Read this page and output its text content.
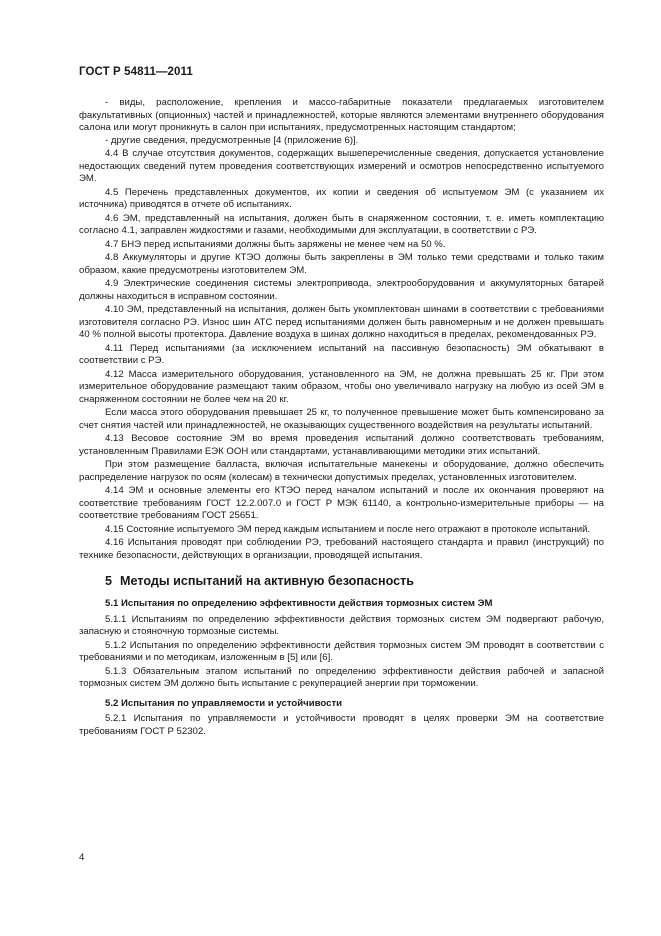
ГОСТ Р 54811—2011

- виды, расположение, крепления и массо-габаритные показатели предлагаемых изготовителем факультативных (опционных) частей и принадлежностей, которые являются элементами внутреннего оборудования салона или могут проникнуть в салон при испытаниях, предусмотренных настоящим стандартом;

- другие сведения, предусмотренные [4 (приложение 6)].

4.4 В случае отсутствия документов, содержащих вышеперечисленные сведения, допускается установление недостающих сведений путем проведения соответствующих измерений и осмотров непосредственно испытуемого ЭМ.

4.5 Перечень представленных документов, их копии и сведения об испытуемом ЭМ (с указанием их источника) приводятся в отчете об испытаниях.

4.6 ЭМ, представленный на испытания, должен быть в снаряженном состоянии, т. е. иметь комплектацию согласно 4.1, заправлен жидкостями и газами, необходимыми для эксплуатации, в соответствии с РЭ.

4.7 БНЭ перед испытаниями должны быть заряжены не менее чем на 50 %.

4.8 Аккумуляторы и другие КТЭО должны быть закреплены в ЭМ только теми средствами и только таким образом, какие предусмотрены изготовителем ЭМ.

4.9 Электрические соединения системы электропривода, электрооборудования и аккумуляторных батарей должны находиться в исправном состоянии.

4.10 ЭМ, представленный на испытания, должен быть укомплектован шинами в соответствии с требованиями изготовителя согласно РЭ. Износ шин АТС перед испытаниями должен быть равномерным и не должен превышать 40 % полной высоты протектора. Давление воздуха в шинах должно находиться в пределах, рекомендованных РЭ.

4.11 Перед испытаниями (за исключением испытаний на пассивную безопасность) ЭМ обкатывают в соответствии с РЭ.

4.12 Масса измерительного оборудования, установленного на ЭМ, не должна превышать 25 кг. При этом измерительное оборудование размещают таким образом, чтобы оно увеличивало нагрузку на любую из осей ЭМ в снаряженном состоянии не более чем на 20 кг.

Если масса этого оборудования превышает 25 кг, то полученное превышение может быть компенсировано за счет снятия частей или принадлежностей, не оказывающих существенного воздействия на результаты испытаний.

4.13 Весовое состояние ЭМ во время проведения испытаний должно соответствовать требованиям, установленным Правилами ЕЭК ООН или стандартами, устанавливающими методики этих испытаний.

При этом размещение балласта, включая испытательные манекены и оборудование, должно обеспечить распределение нагрузок по осям (колесам) в технически допустимых пределах, установленных изготовителем.

4.14 ЭМ и основные элементы его КТЭО перед началом испытаний и после их окончания проверяют на соответствие требованиям ГОСТ 12.2.007.0 и ГОСТ Р МЭК 61140, а контрольно-измерительные приборы — на соответствие требованиям ГОСТ 25651.

4.15 Состояние испытуемого ЭМ перед каждым испытанием и после него отражают в протоколе испытаний.

4.16 Испытания проводят при соблюдении РЭ, требований настоящего стандарта и правил (инструкций) по технике безопасности, действующих в организации, проводящей испытания.

5 Методы испытаний на активную безопасность
5.1 Испытания по определению эффективности действия тормозных систем ЭМ

5.1.1 Испытаниям по определению эффективности действия тормозных систем ЭМ подвергают рабочую, запасную и стояночную тормозные системы.

5.1.2 Испытания по определению эффективности действия тормозных систем ЭМ проводят в соответствии с требованиями и по методикам, изложенным в [5] или [6].

5.1.3 Обязательным этапом испытаний по определению эффективности действия рабочей и запасной тормозных систем ЭМ должно быть испытание с рекуперацией энергии при торможении.

5.2 Испытания по управляемости и устойчивости

5.2.1 Испытания по управляемости и устойчивости проводят в целях проверки ЭМ на соответствие требованиям ГОСТ Р 52302.

4
